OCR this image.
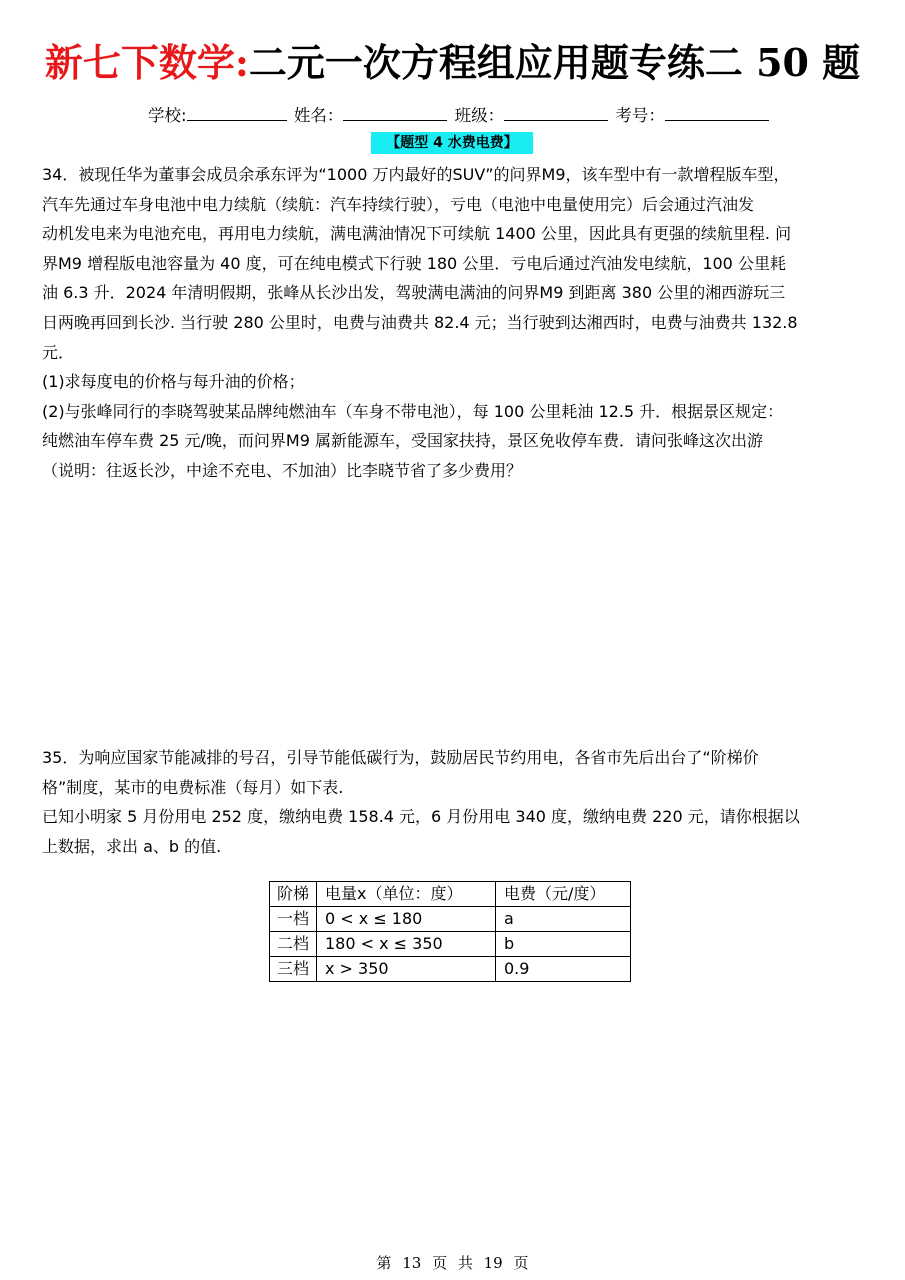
新七下数学:二元一次方程组应用题专练二 50 题
学校:	姓名：	班级：	考号：
【题型 4 水费电费】
34．被现任华为董事会成员余承东评为“1000 万内最好的SUV”的问界M9，该车型中有一款增程版车型，
汽车先通过车身电池中电力续航（续航：汽车持续行驶），亏电（电池中电量使用完）后会通过汽油发
动机发电来为电池充电，再用电力续航，满电满油情况下可续航 1400 公里，因此具有更强的续航里程. 问
界M9 增程版电池容量为 40 度，可在纯电模式下行驶 180 公里．亏电后通过汽油发电续航，100 公里耗
油 6.3 升．2024 年清明假期，张峰从长沙出发，驾驶满电满油的问界M9 到距离 380 公里的湘西游玩三
日两晚再回到长沙. 当行驶 280 公里时，电费与油费共 82.4 元；当行驶到达湘西时，电费与油费共 132.8
元．
(1)求每度电的价格与每升油的价格；
(2)与张峰同行的李晓驾驶某品牌纯燃油车（车身不带电池），每 100 公里耗油 12.5 升．根据景区规定：
纯燃油车停车费 25 元/晚，而问界M9 属新能源车，受国家扶持，景区免收停车费．请问张峰这次出游
（说明：往返长沙，中途不充电、不加油）比李晓节省了多少费用？
35．为响应国家节能减排的号召，引导节能低碳行为，鼓励居民节约用电，各省市先后出台了“阶梯价
格”制度，某市的电费标准（每月）如下表.
已知小明家 5 月份用电 252 度，缴纳电费 158.4 元，6 月份用电 340 度，缴纳电费 220 元，请你根据以
上数据，求出 a、b 的值.
阶梯	电量x（单位：度）	电费（元/度）
一档	0 < x ≤ 180	a
二档	180 < x ≤ 350	b
三档	x > 350	0.9
第 13 页 共 19 页
